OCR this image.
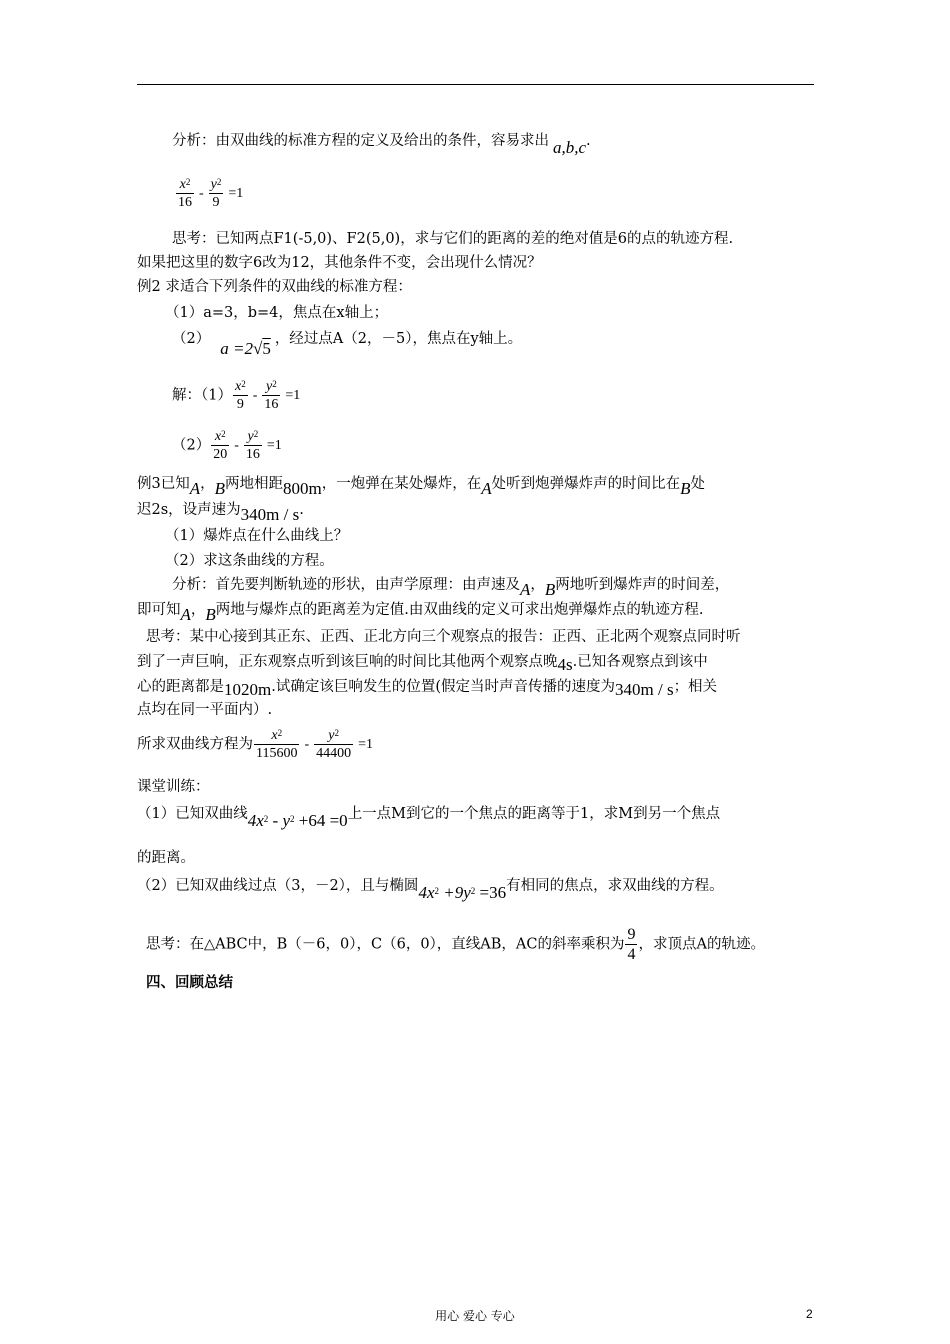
分析：由双曲线的标准方程的定义及给出的条件，容易求出 a,b,c.
$\frac{x^2}{16} - \frac{y^2}{9} =1$
思考：已知两点F1(-5,0)、F2(5,0)，求与它们的距离的差的绝对值是6的点的轨迹方程.
如果把这里的数字6改为12，其他条件不变，会出现什么情况？
例2 求适合下列条件的双曲线的标准方程：
（1）a=3，b=4，焦点在x轴上；
（2） a =2√5 ，经过点A（2，－5），焦点在y轴上。
解：$(1) \frac{x^2}{9} - \frac{y^2}{16} =1$
$(2) \frac{x^2}{20} - \frac{y^2}{16} =1$
例3已知A，B两地相距800m，一炮弹在某处爆炸，在A处听到炮弹爆炸声的时间比在B处
迟2s，设声速为340m / s.
（1）爆炸点在什么曲线上？
（2）求这条曲线的方程。
分析：首先要判断轨迹的形状，由声学原理：由声速及A，B两地听到爆炸声的时间差，
即可知A，B两地与爆炸点的距离差为定值.由双曲线的定义可求出炮弹爆炸点的轨迹方程.
思考：某中心接到其正东、正西、正北方向三个观察点的报告：正西、正北两个观察点同时听
到了一声巨响，正东观察点听到该巨响的时间比其他两个观察点晚4s.已知各观察点到该中
心的距离都是1020m.试确定该巨响发生的位置(假定当时声音传播的速度为340m / s；相关
点均在同一平面内）.
所求双曲线方程为 $\frac{x^2}{115600} - \frac{y^2}{44400} =1$
课堂训练：
（1）已知双曲线$4x^2 - y^2 +64 =0$上一点M到它的一个焦点的距离等于1，求M到另一个焦点
的距离。
（2）已知双曲线过点（3，－2），且与椭圆$4x^2 +9y^2 =36$有相同的焦点，求双曲线的方程。
思考：在△ABC中，B（－6，0），C（6，0），直线AB，AC的斜率乘积为 $\frac{9}{4}$ ，求顶点A的轨迹。
四、回顾总结
用心 爱心 专心	2
